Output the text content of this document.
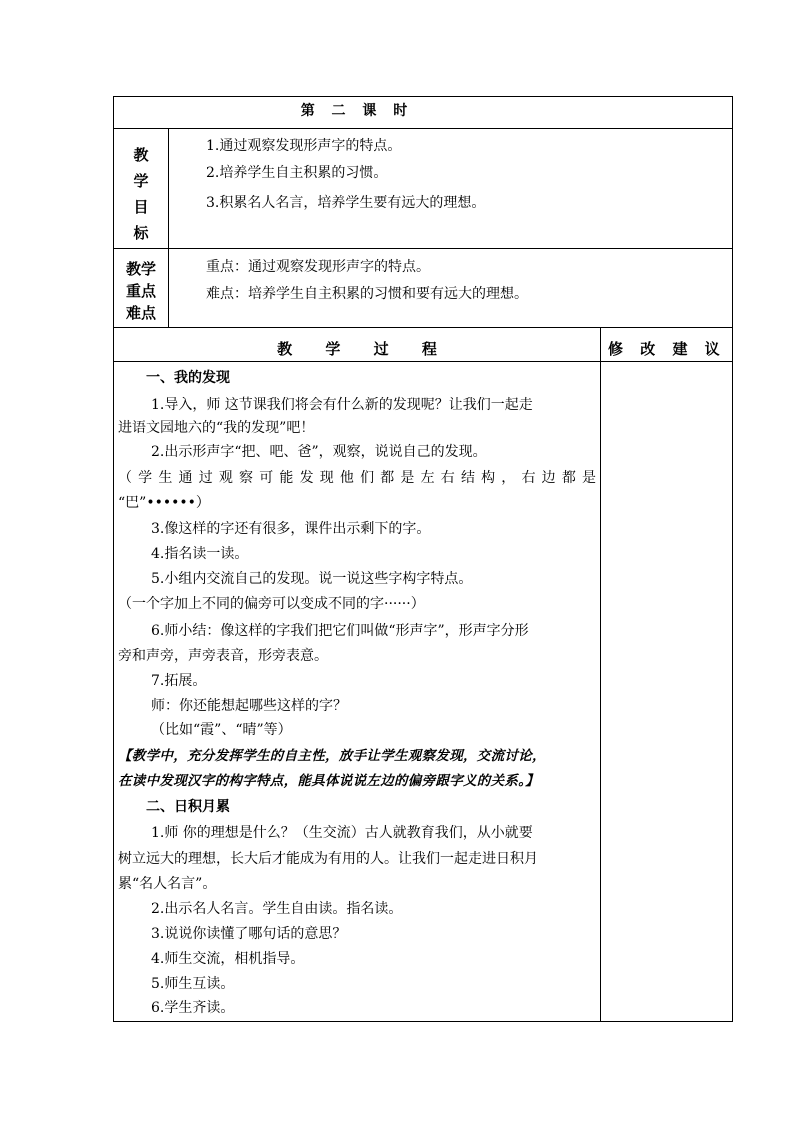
第 二 课 时
教
学
目
标
1.通过观察发现形声字的特点。
2.培养学生自主积累的习惯。
3.积累名人名言，培养学生要有远大的理想。
教学
重点
难点
重点：通过观察发现形声字的特点。
难点：培养学生自主积累的习惯和要有远大的理想。
教 学 过 程	修 改 建 议
一、我的发现
1.导入，师 这节课我们将会有什么新的发现呢？让我们一起走
进语文园地六的“我的发现”吧！
2.出示形声字“把、吧、爸”，观察，说说自己的发现。
（学生通过观察可能发现他们都是左右结构，右边都是
“巴”••••••）
3.像这样的字还有很多，课件出示剩下的字。
4.指名读一读。
5.小组内交流自己的发现。说一说这些字构字特点。
（一个字加上不同的偏旁可以变成不同的字······）
6.师小结：像这样的字我们把它们叫做“形声字”，形声字分形
旁和声旁，声旁表音，形旁表意。
7.拓展。
师：你还能想起哪些这样的字？
（比如“霞”、“晴”等）
【教学中，充分发挥学生的自主性，放手让学生观察发现，交流讨论，
在读中发现汉字的构字特点，能具体说说左边的偏旁跟字义的关系。】
二、日积月累
1.师 你的理想是什么？（生交流）古人就教育我们，从小就要
树立远大的理想，长大后才能成为有用的人。让我们一起走进日积月
累“名人名言”。
2.出示名人名言。学生自由读。指名读。
3.说说你读懂了哪句话的意思？
4.师生交流，相机指导。
5.师生互读。
6.学生齐读。
